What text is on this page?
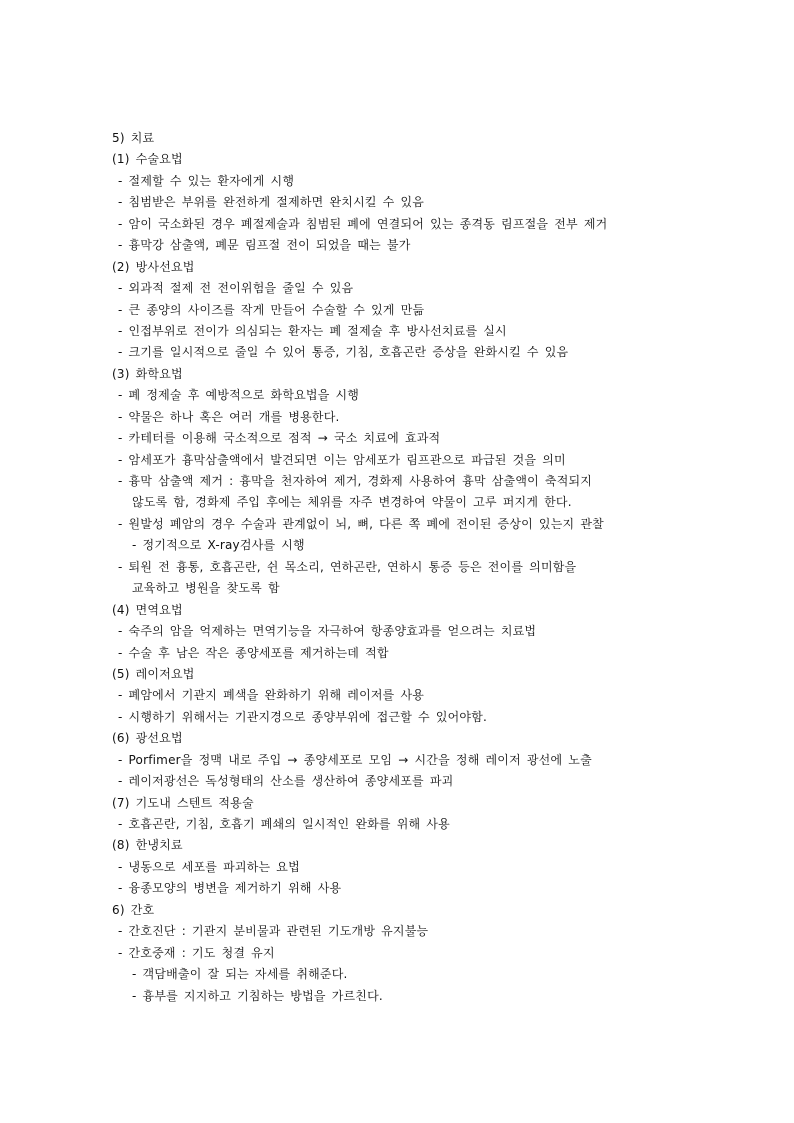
5) 치료
(1) 수술요법
- 절제할 수 있는 환자에게 시행
- 침범받은 부위를 완전하게 절제하면 완치시킬 수 있음
- 암이 국소화된 경우 폐절제술과 침범된 폐에 연결되어 있는 종격동 림프절을 전부 제거
- 흉막강 삼출액, 폐문 림프절 전이 되었을 때는 불가
(2) 방사선요법
- 외과적 절제 전 전이위험을 줄일 수 있음
- 큰 종양의 사이즈를 작게 만들어 수술할 수 있게 만듦
- 인접부위로 전이가 의심되는 환자는 폐 절제술 후 방사선치료를 실시
- 크기를 일시적으로 줄일 수 있어 통증, 기침, 호흡곤란 증상을 완화시킬 수 있음
(3) 화학요법
- 폐 정제술 후 예방적으로 화학요법을 시행
- 약물은 하나 혹은 여러 개를 병용한다.
- 카테터를 이용해 국소적으로 점적 → 국소 치료에 효과적
- 암세포가 흉막삼출액에서 발견되면 이는 암세포가 림프관으로 파급된 것을 의미
- 흉막 삼출액 제거 : 흉막을 천자하여 제거, 경화제 사용하여 흉막 삼출액이 축적되지
않도록 함, 경화제 주입 후에는 체위를 자주 변경하여 약물이 고루 퍼지게 한다.
- 원발성 폐암의 경우 수술과 관계없이 뇌, 뼈, 다른 쪽 폐에 전이된 증상이 있는지 관찰
- 정기적으로 X-ray검사를 시행
- 퇴원 전 흉통, 호흡곤란, 쉰 목소리, 연하곤란, 연하시 통증 등은 전이를 의미함을
교육하고 병원을 찾도록 함
(4) 면역요법
- 숙주의 암을 억제하는 면역기능을 자극하여 항종양효과를 얻으려는 치료법
- 수술 후 남은 작은 종양세포를 제거하는데 적합
(5) 레이저요법
- 폐암에서 기관지 폐색을 완화하기 위해 레이저를 사용
- 시행하기 위해서는 기관지경으로 종양부위에 접근할 수 있어야함.
(6) 광선요법
- Porfimer을 정맥 내로 주입 → 종양세포로 모임 → 시간을 정해 레이저 광선에 노출
- 레이저광선은 독성형태의 산소를 생산하여 종양세포를 파괴
(7) 기도내 스텐트 적용술
- 호흡곤란, 기침, 호흡기 폐쇄의 일시적인 완화를 위해 사용
(8) 한냉치료
- 냉동으로 세포를 파괴하는 요법
- 융종모양의 병변을 제거하기 위해 사용
6) 간호
- 간호진단 : 기관지 분비물과 관련된 기도개방 유지불능
- 간호중재 : 기도 청결 유지
- 객담배출이 잘 되는 자세를 취해준다.
- 흉부를 지지하고 기침하는 방법을 가르친다.
